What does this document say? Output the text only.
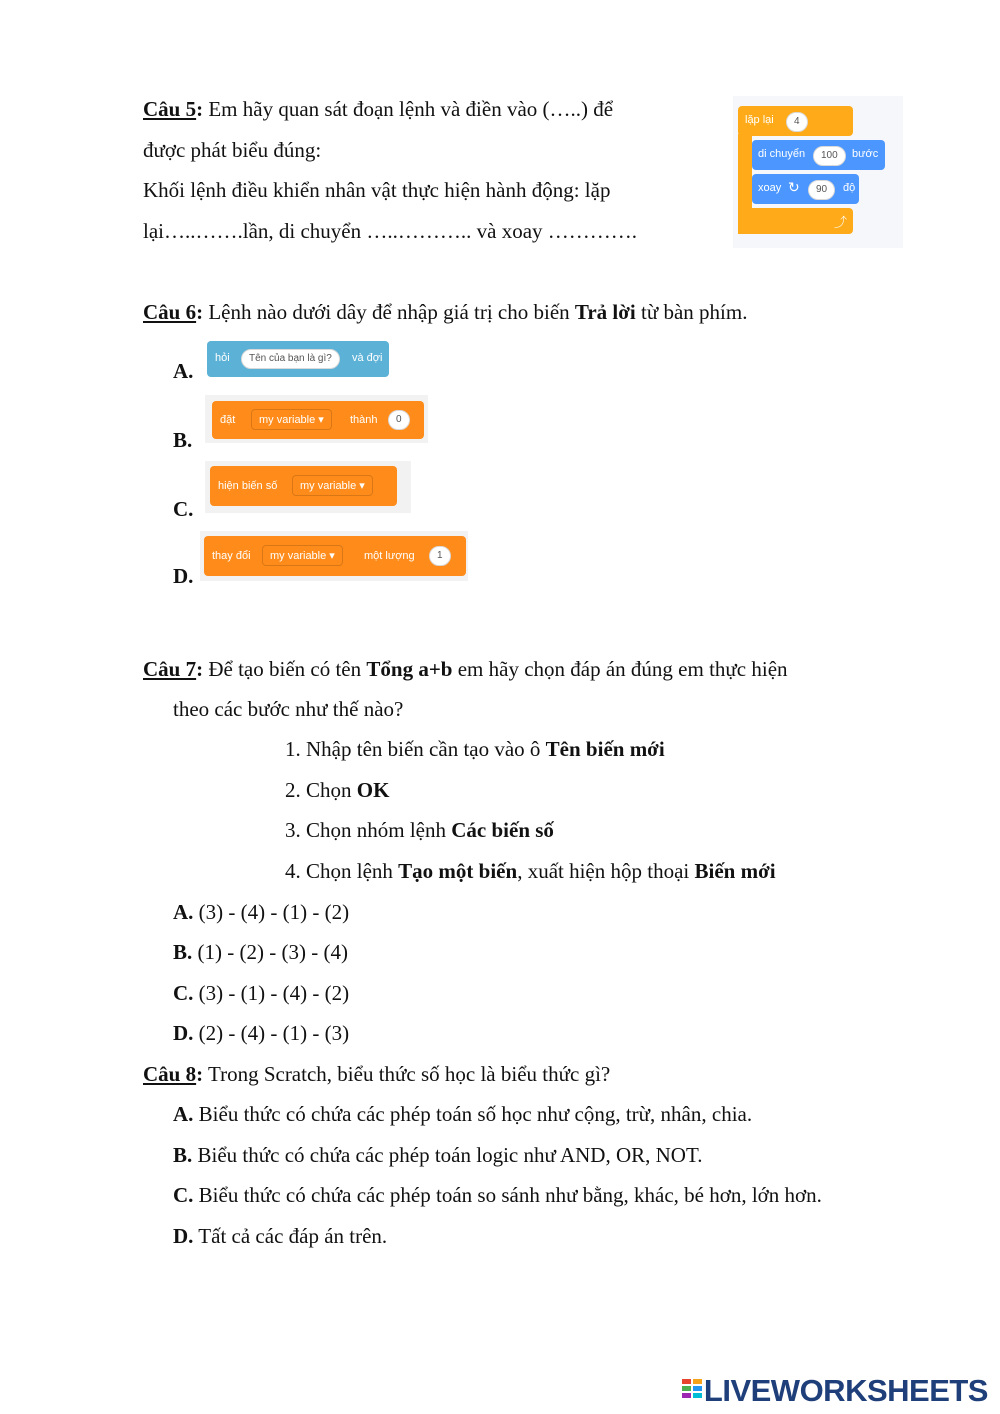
Câu 5: Em hãy quan sát đoạn lệnh và điền vào (…..) để
được phát biểu đúng:
Khối lệnh điều khiển nhân vật thực hiện hành động: lặp
lại…..…….lần, di chuyển …..……….. và xoay ………….
lặp lại	4
⤴
di chuyển	100	bước
xoay ↻	90	độ
Câu 6: Lệnh nào dưới dây để nhập giá trị cho biến Trả lời từ bàn phím.
A.
hỏi	Tên của bạn là gì?	và đợi
B.
đặt	my variable ▾	thành	0
C.
hiện biến số	my variable ▾
D.
thay đổi	my variable ▾	một lượng	1
Câu 7: Để tạo biến có tên Tổng a+b em hãy chọn đáp án đúng em thực hiện
theo các bước như thế nào?
1. Nhập tên biến cần tạo vào ô Tên biến mới
2. Chọn OK
3. Chọn nhóm lệnh Các biến số
4. Chọn lệnh Tạo một biến, xuất hiện hộp thoại Biến mới
A. (3) - (4) - (1) - (2)
B. (1) - (2) - (3) - (4)
C. (3) - (1) - (4) - (2)
D. (2) - (4) - (1) - (3)
Câu 8: Trong Scratch, biểu thức số học là biểu thức gì?
A. Biểu thức có chứa các phép toán số học như cộng, trừ, nhân, chia.
B. Biểu thức có chứa các phép toán logic như AND, OR, NOT.
C. Biểu thức có chứa các phép toán so sánh như bằng, khác, bé hơn, lớn hơn.
D. Tất cả các đáp án trên.
LIVEWORKSHEETS
